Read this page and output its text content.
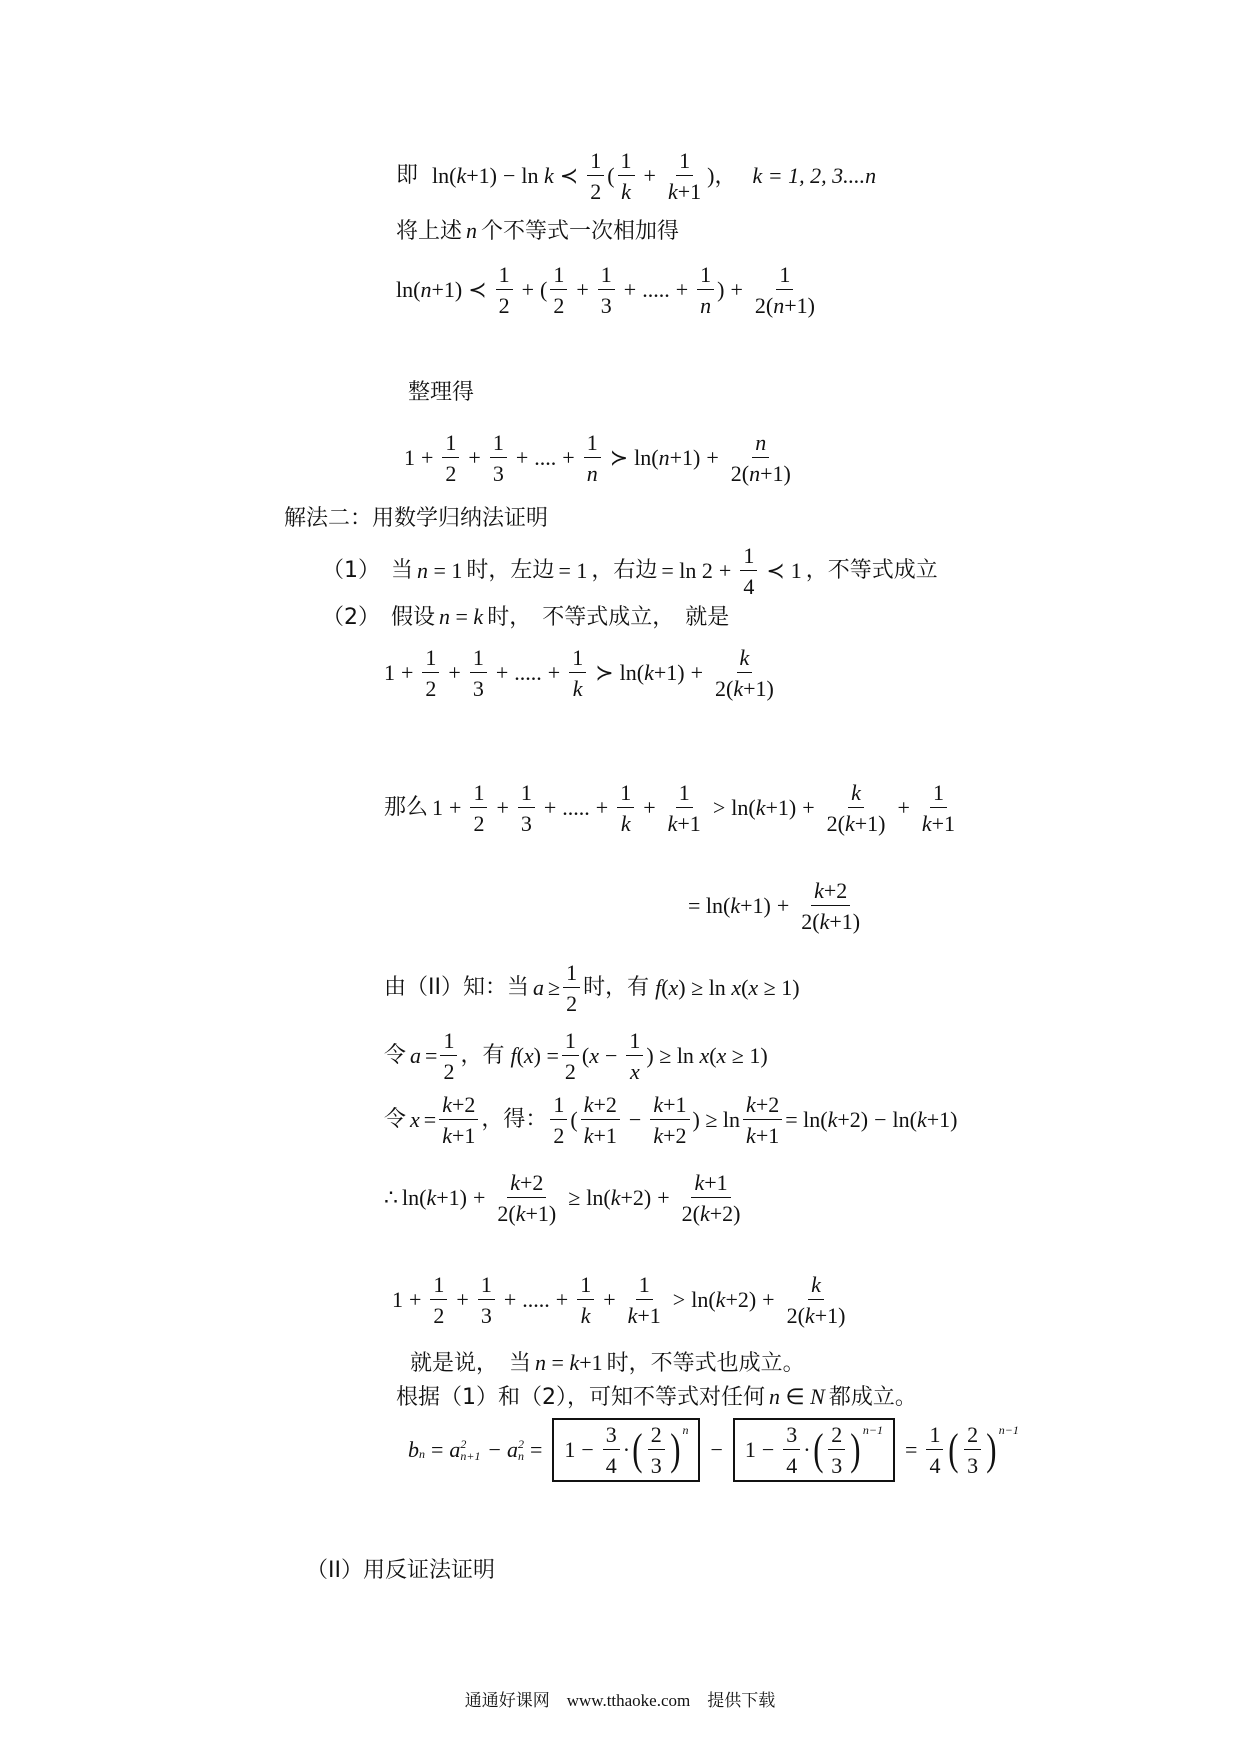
即 ln( k +1) − ln k ≺ $\frac{1}{2}$ ( $\frac{1}{k} + \frac{1}{k+1}$ )， k = 1, 2, 3....n
将上述 n 个不等式一次相加得
ln( n +1) ≺ $\frac{1}{2}$ + ( $\frac{1}{2} + \frac{1}{3}$ + ..... + $\frac{1}{n}$ ) + $\frac{1}{2(n+1)}$
整理得
$1 + \frac{1}{2} + \frac{1}{3}$ + .... + $\frac{1}{n}$ ≻ ln( $n +1) + \frac{n}{2(n+1)}$
解法二：用数学归纳法证明
（1）　当 n = 1 时，左边 = 1 ，右边 = $\ln 2 + \frac{1}{4}$ ≺ 1 ，不等式成立
（2）　假设 n = k 时，　不等式成立，　就是
$1 + \frac{1}{2} + \frac{1}{3}$ + ..... + $\frac{1}{k}$ ≻ ln( $k +1) + \frac{k}{2(k+1)}$
那么 $1 + \frac{1}{2} + \frac{1}{3}$ + ..... + $\frac{1}{k} + \frac{1}{k+1} > \ln$( $k +1) + \frac{k}{2(k+1)} + \frac{1}{k+1}$
= ln( $k +1) + \frac{k+2}{2(k+1)}$
由（II）知：当 $a \ge \frac{1}{2}$ 时，有 f(x) ≥ ln x(x ≥ 1)
令 $a = \frac{1}{2}$ ，有 f ( x ) = $\frac{1}{2}$ ( $x - \frac{1}{x}$ ) ≥ ln x ( x ≥ 1)
令 $x = \frac{k+2}{k+1}$ ，得： $\frac{1}{2}$ ( $\frac{k+2}{k+1} - \frac{k+1}{k+2}$ ) ≥ $\ln \frac{k+2}{k+1} = \ln$( k +2) − ln( k +1)
∴ ln( $k +1) + \frac{k+2}{2(k+1)} \ge \ln$( $k +2) + \frac{k+1}{2(k+2)}$
$1 + \frac{1}{2} + \frac{1}{3}$ + ..... + $\frac{1}{k} + \frac{1}{k+1} > \ln$( $k +2) + \frac{k}{2(k+1)}$
就是说，　当 n = k+1 时，不等式也成立。
根据（1）和（2），可知不等式对任何 n ∈ N 都成立。
b n = a 2
n+1 − a 2
n =	$1 - \frac{3}{4}$ · ( $\frac{2}{3}$ ) n
−	$1 - \frac{3}{4}$ · ( $\frac{2}{3}$ ) n−1
= $\frac{1}{4}$ ( $\frac{2}{3}$ ) n−1
（II）用反证法证明
通通好课网　www.tthaoke.com　提供下载
